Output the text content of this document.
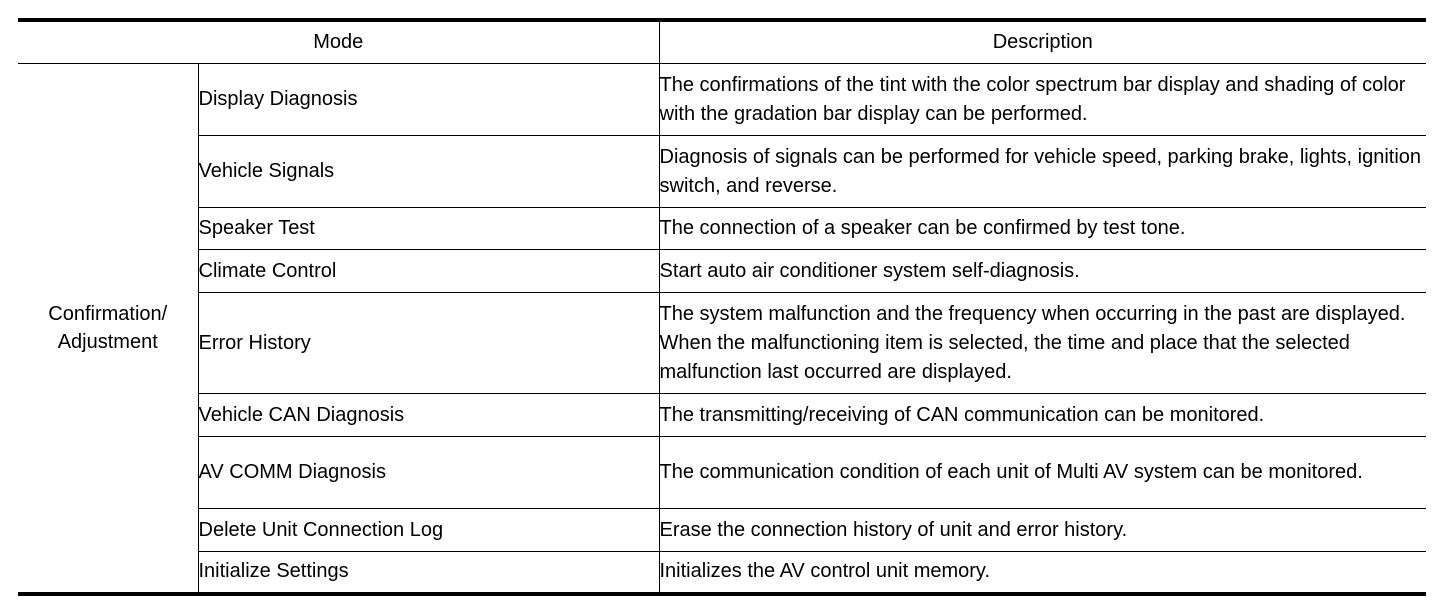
Mode		Description

Confirmation/
Adjustment	Display Diagnosis	The confirmations of the tint with the color spectrum bar display and shading of color with the gradation bar display can be performed.
	Vehicle Signals	Diagnosis of signals can be performed for vehicle speed, parking brake, lights, ignition switch, and reverse.
	Speaker Test	The connection of a speaker can be confirmed by test tone.
	Climate Control	Start auto air conditioner system self-diagnosis.
	Error History	The system malfunction and the frequency when occurring in the past are displayed. When the malfunctioning item is selected, the time and place that the selected malfunction last occurred are displayed.
	Vehicle CAN Diagnosis	The transmitting/receiving of CAN communication can be monitored.
	AV COMM Diagnosis	The communication condition of each unit of Multi AV system can be monitored.
	Delete Unit Connection Log	Erase the connection history of unit and error history.
	Initialize Settings	Initializes the AV control unit memory.
